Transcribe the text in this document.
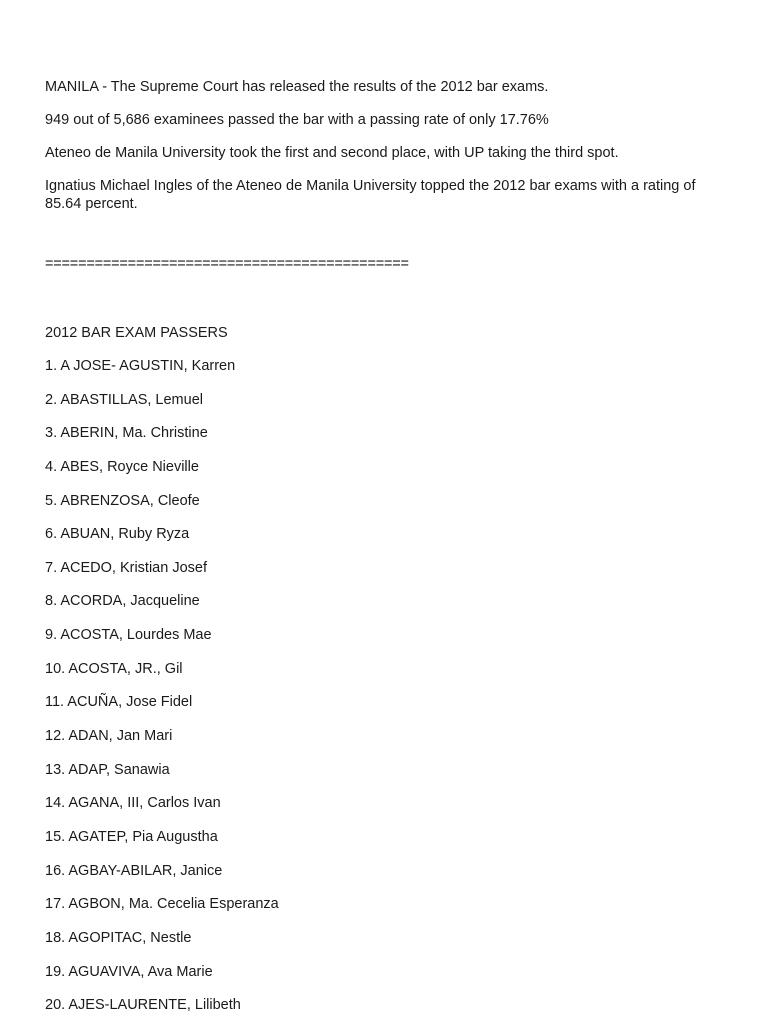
MANILA - The Supreme Court has released the results of the 2012 bar exams.

949 out of 5,686 examinees passed the bar with a passing rate of only 17.76%

Ateneo de Manila University took the first and second place, with UP taking the third spot.

Ignatius Michael Ingles of the Ateneo de Manila University topped the 2012 bar exams with a rating of 85.64 percent.

============================================
2012 BAR EXAM PASSERS
1. A JOSE- AGUSTIN, Karren
2. ABASTILLAS, Lemuel
3. ABERIN, Ma. Christine
4. ABES, Royce Nieville
5. ABRENZOSA, Cleofe
6. ABUAN, Ruby Ryza
7. ACEDO, Kristian Josef
8. ACORDA, Jacqueline
9. ACOSTA, Lourdes Mae
10. ACOSTA, JR., Gil
11. ACUÑA, Jose Fidel
12. ADAN, Jan Mari
13. ADAP, Sanawia
14. AGANA, III, Carlos Ivan
15. AGATEP, Pia Augustha
16. AGBAY-ABILAR, Janice
17. AGBON, Ma. Cecelia Esperanza
18. AGOPITAC, Nestle
19. AGUAVIVA, Ava Marie
20. AJES-LAURENTE, Lilibeth
